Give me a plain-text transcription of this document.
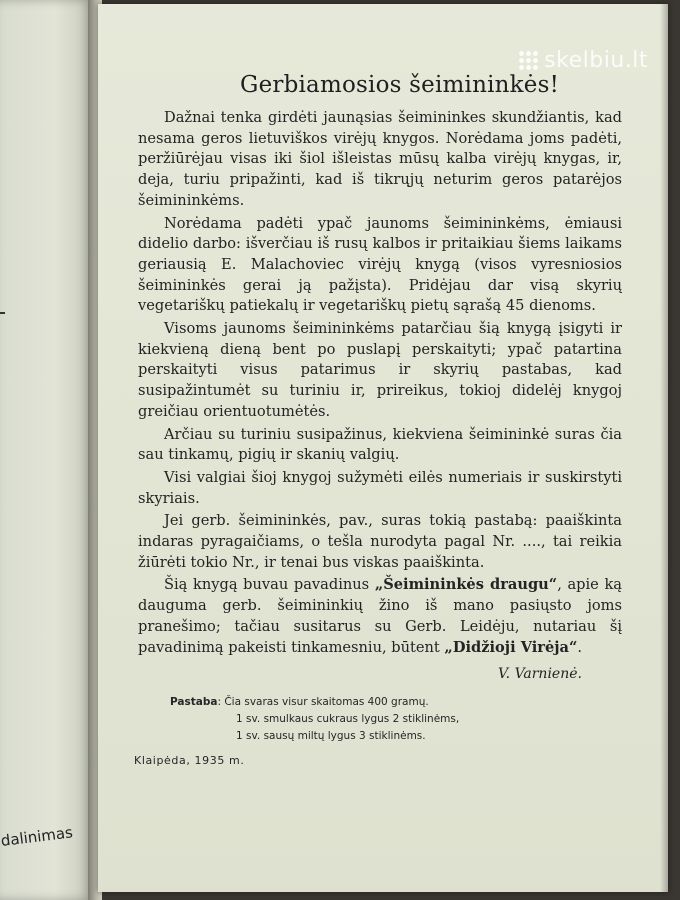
dalinimas
skelbiu.lt
Gerbiamosios šeimininkės!

Dažnai tenka girdėti jaunąsias šeimininkes skundžiantis, kad nesama geros lietuviškos virėjų knygos. Norėdama joms padėti, peržiūrėjau visas iki šiol išleistas mūsų kalba virėjų knygas, ir, deja, turiu pripažinti, kad iš tikrųjų neturim geros patarėjos šeimininkėms.

Norėdama padėti ypač jaunoms šeimininkėms, ėmiausi didelio darbo: išverčiau iš rusų kalbos ir pritaikiau šiems laikams geriausią E. Malachoviec virėjų knygą (visos vyresniosios šeimininkės gerai ją pažįsta). Pridėjau dar visą skyrių vegetariškų patiekalų ir vegetariškų pietų sąrašą 45 dienoms.

Visoms jaunoms šeimininkėms patarčiau šią knygą įsigyti ir kiekvieną dieną bent po puslapį perskaityti; ypač patartina perskaityti visus patarimus ir skyrių pastabas, kad susipažintumėt su turiniu ir, prireikus, tokioj didelėj knygoj greičiau orientuotumėtės.

Arčiau su turiniu susipažinus, kiekviena šeimininkė suras čia sau tinkamų, pigių ir skanių valgių.

Visi valgiai šioj knygoj sužymėti eilės numeriais ir suskirstyti skyriais.

Jei gerb. šeimininkės, pav., suras tokią pastabą: paaiškinta indaras pyragaičiams, o tešla nurodyta pagal Nr. ...., tai reikia žiūrėti tokio Nr., ir tenai bus viskas paaiškinta.

Šią knygą buvau pavadinus „Šeimininkės draugu“, apie ką dauguma gerb. šeimininkių žino iš mano pasiųsto joms pranešimo; tačiau susitarus su Gerb. Leidėju, nutariau šį pavadinimą pakeisti tinkamesniu, būtent „Didžioji Virėja“.

V. Varnienė.
Pastaba: Čia svaras visur skaitomas 400 gramų.
1 sv. smulkaus cukraus lygus 2 stiklinėms,
1 sv. sausų miltų lygus 3 stiklinėms.
Klaipėda, 1935 m.
